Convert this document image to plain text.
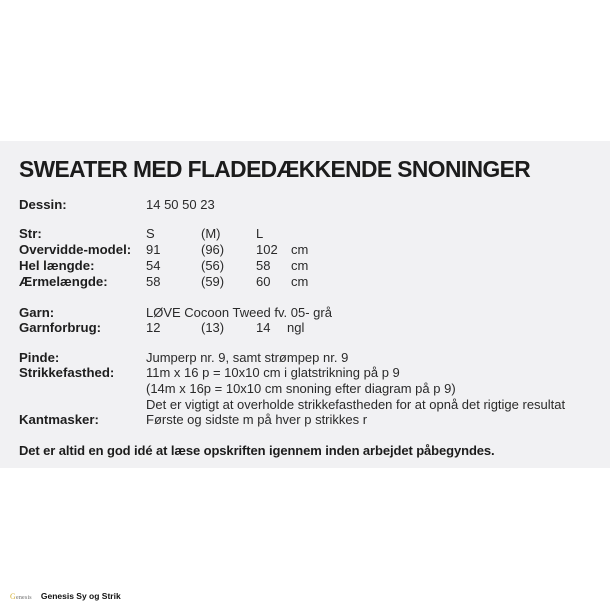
SWEATER MED FLADEDÆKKENDE SNONINGER
Dessin:	14 50 50 23
Str:	S	(M)	L
Overvidde-model: 91	(96) 102 cm
Hel længde:	54	(56) 58 cm
Ærmelængde:	58	(59) 60 cm
Garn:	LØVE Cocoon Tweed fv. 05- grå
Garnforbrug:	12	(13) 14 ngl
Pinde:	Jumperp nr. 9, samt strømpep nr. 9
Strikkefasthed: 11m x 16 p = 10x10 cm i glatstrikning på p 9
(14m x 16p = 10x10 cm snoning efter diagram på p 9)
Det er vigtigt at overholde strikkefastheden for at opnå det rigtige resultat
Kantmasker:	Første og sidste m på hver p strikkes r
Det er altid en god idé at læse opskriften igennem inden arbejdet påbegyndes.
Genesis Genesis Sy og Strik
